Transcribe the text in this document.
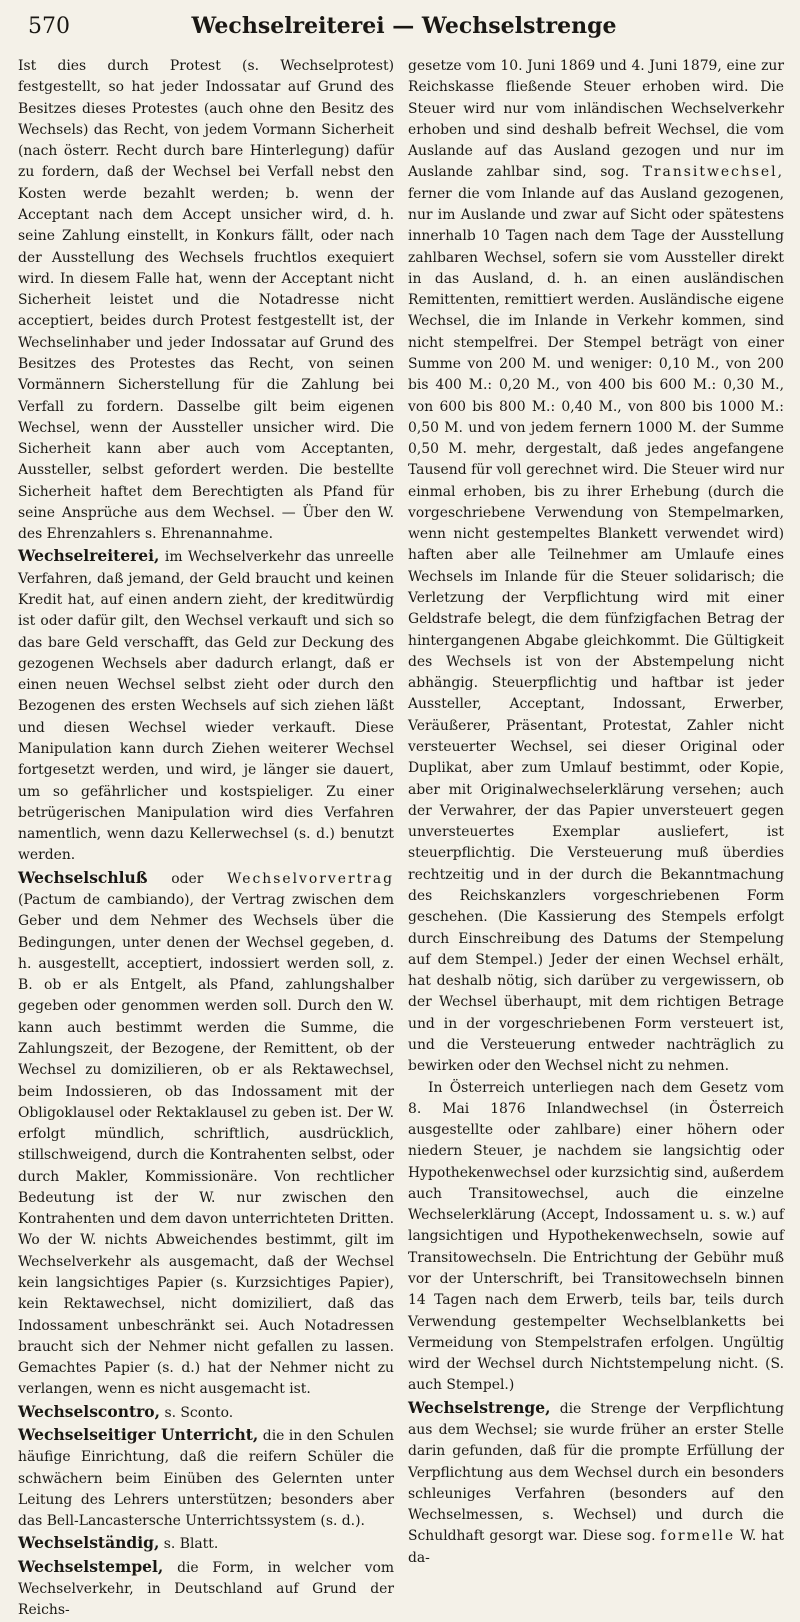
570	Wechselreiterei — Wechselstrenge

Ist dies durch Protest (s. Wechselprotest) festgestellt, so hat jeder Indossatar auf Grund des Besitzes dieses Protestes (auch ohne den Besitz des Wechsels) das Recht, von jedem Vormann Sicherheit (nach österr. Recht durch bare Hinterlegung) dafür zu fordern, daß der Wechsel bei Verfall nebst den Kosten werde bezahlt werden; b. wenn der Acceptant nach dem Accept unsicher wird, d. h. seine Zahlung einstellt, in Konkurs fällt, oder nach der Ausstellung des Wechsels fruchtlos exequiert wird. In diesem Falle hat, wenn der Acceptant nicht Sicherheit leistet und die Notadresse nicht acceptiert, beides durch Protest festgestellt ist, der Wechselinhaber und jeder Indossatar auf Grund des Besitzes des Protestes das Recht, von seinen Vormännern Sicherstellung für die Zahlung bei Verfall zu fordern. Dasselbe gilt beim eigenen Wechsel, wenn der Aussteller unsicher wird. Die Sicherheit kann aber auch vom Acceptanten, Aussteller, selbst gefordert werden. Die bestellte Sicherheit haftet dem Berechtigten als Pfand für seine Ansprüche aus dem Wechsel. — Über den W. des Ehrenzahlers s. Ehrenannahme.

Wechselreiterei, im Wechselverkehr das unreelle Verfahren, daß jemand, der Geld braucht und keinen Kredit hat, auf einen andern zieht, der kreditwürdig ist oder dafür gilt, den Wechsel verkauft und sich so das bare Geld verschafft, das Geld zur Deckung des gezogenen Wechsels aber dadurch erlangt, daß er einen neuen Wechsel selbst zieht oder durch den Bezogenen des ersten Wechsels auf sich ziehen läßt und diesen Wechsel wieder verkauft. Diese Manipulation kann durch Ziehen weiterer Wechsel fortgesetzt werden, und wird, je länger sie dauert, um so gefährlicher und kostspieliger. Zu einer betrügerischen Manipulation wird dies Verfahren namentlich, wenn dazu Kellerwechsel (s. d.) benutzt werden.

Wechselschluß oder Wechselvorvertrag (Pactum de cambiando), der Vertrag zwischen dem Geber und dem Nehmer des Wechsels über die Bedingungen, unter denen der Wechsel gegeben, d. h. ausgestellt, acceptiert, indossiert werden soll, z. B. ob er als Entgelt, als Pfand, zahlungshalber gegeben oder genommen werden soll. Durch den W. kann auch bestimmt werden die Summe, die Zahlungszeit, der Bezogene, der Remittent, ob der Wechsel zu domizilieren, ob er als Rektawechsel, beim Indossieren, ob das Indossament mit der Obligoklausel oder Rektaklausel zu geben ist. Der W. erfolgt mündlich, schriftlich, ausdrücklich, stillschweigend, durch die Kontrahenten selbst, oder durch Makler, Kommissionäre. Von rechtlicher Bedeutung ist der W. nur zwischen den Kontrahenten und dem davon unterrichteten Dritten. Wo der W. nichts Abweichendes bestimmt, gilt im Wechselverkehr als ausgemacht, daß der Wechsel kein langsichtiges Papier (s. Kurzsichtiges Papier), kein Rektawechsel, nicht domiziliert, daß das Indossament unbeschränkt sei. Auch Notadressen braucht sich der Nehmer nicht gefallen zu lassen. Gemachtes Papier (s. d.) hat der Nehmer nicht zu verlangen, wenn es nicht ausgemacht ist.

Wechselscontro, s. Sconto.

Wechselseitiger Unterricht, die in den Schulen häufige Einrichtung, daß die reifern Schüler die schwächern beim Einüben des Gelernten unter Leitung des Lehrers unterstützen; besonders aber das Bell-Lancastersche Unterrichtssystem (s. d.).

Wechselständig, s. Blatt.

Wechselstempel, die Form, in welcher vom Wechselverkehr, in Deutschland auf Grund der Reichs-

gesetze vom 10. Juni 1869 und 4. Juni 1879, eine zur Reichskasse fließende Steuer erhoben wird. Die Steuer wird nur vom inländischen Wechselverkehr erhoben und sind deshalb befreit Wechsel, die vom Auslande auf das Ausland gezogen und nur im Auslande zahlbar sind, sog. Transitwechsel, ferner die vom Inlande auf das Ausland gezogenen, nur im Auslande und zwar auf Sicht oder spätestens innerhalb 10 Tagen nach dem Tage der Ausstellung zahlbaren Wechsel, sofern sie vom Aussteller direkt in das Ausland, d. h. an einen ausländischen Remittenten, remittiert werden. Ausländische eigene Wechsel, die im Inlande in Verkehr kommen, sind nicht stempelfrei. Der Stempel beträgt von einer Summe von 200 M. und weniger: 0,10 M., von 200 bis 400 M.: 0,20 M., von 400 bis 600 M.: 0,30 M., von 600 bis 800 M.: 0,40 M., von 800 bis 1000 M.: 0,50 M. und von jedem fernern 1000 M. der Summe 0,50 M. mehr, dergestalt, daß jedes angefangene Tausend für voll gerechnet wird. Die Steuer wird nur einmal erhoben, bis zu ihrer Erhebung (durch die vorgeschriebene Verwendung von Stempelmarken, wenn nicht gestempeltes Blankett verwendet wird) haften aber alle Teilnehmer am Umlaufe eines Wechsels im Inlande für die Steuer solidarisch; die Verletzung der Verpflichtung wird mit einer Geldstrafe belegt, die dem fünfzigfachen Betrag der hintergangenen Abgabe gleichkommt. Die Gültigkeit des Wechsels ist von der Abstempelung nicht abhängig. Steuerpflichtig und haftbar ist jeder Aussteller, Acceptant, Indossant, Erwerber, Veräußerer, Präsentant, Protestat, Zahler nicht versteuerter Wechsel, sei dieser Original oder Duplikat, aber zum Umlauf bestimmt, oder Kopie, aber mit Originalwechselerklärung versehen; auch der Verwahrer, der das Papier unversteuert gegen unversteuertes Exemplar ausliefert, ist steuerpflichtig. Die Versteuerung muß überdies rechtzeitig und in der durch die Bekanntmachung des Reichskanzlers vorgeschriebenen Form geschehen. (Die Kassierung des Stempels erfolgt durch Einschreibung des Datums der Stempelung auf dem Stempel.) Jeder der einen Wechsel erhält, hat deshalb nötig, sich darüber zu vergewissern, ob der Wechsel überhaupt, mit dem richtigen Betrage und in der vorgeschriebenen Form versteuert ist, und die Versteuerung entweder nachträglich zu bewirken oder den Wechsel nicht zu nehmen.

In Österreich unterliegen nach dem Gesetz vom 8. Mai 1876 Inlandwechsel (in Österreich ausgestellte oder zahlbare) einer höhern oder niedern Steuer, je nachdem sie langsichtig oder Hypothekenwechsel oder kurzsichtig sind, außerdem auch Transitowechsel, auch die einzelne Wechselerklärung (Accept, Indossament u. s. w.) auf langsichtigen und Hypothekenwechseln, sowie auf Transitowechseln. Die Entrichtung der Gebühr muß vor der Unterschrift, bei Transitowechseln binnen 14 Tagen nach dem Erwerb, teils bar, teils durch Verwendung gestempelter Wechselblanketts bei Vermeidung von Stempelstrafen erfolgen. Ungültig wird der Wechsel durch Nichtstempelung nicht. (S. auch Stempel.)

Wechselstrenge, die Strenge der Verpflichtung aus dem Wechsel; sie wurde früher an erster Stelle darin gefunden, daß für die prompte Erfüllung der Verpflichtung aus dem Wechsel durch ein besonders schleuniges Verfahren (besonders auf den Wechselmessen, s. Wechsel) und durch die Schuldhaft gesorgt war. Diese sog. formelle W. hat da-
